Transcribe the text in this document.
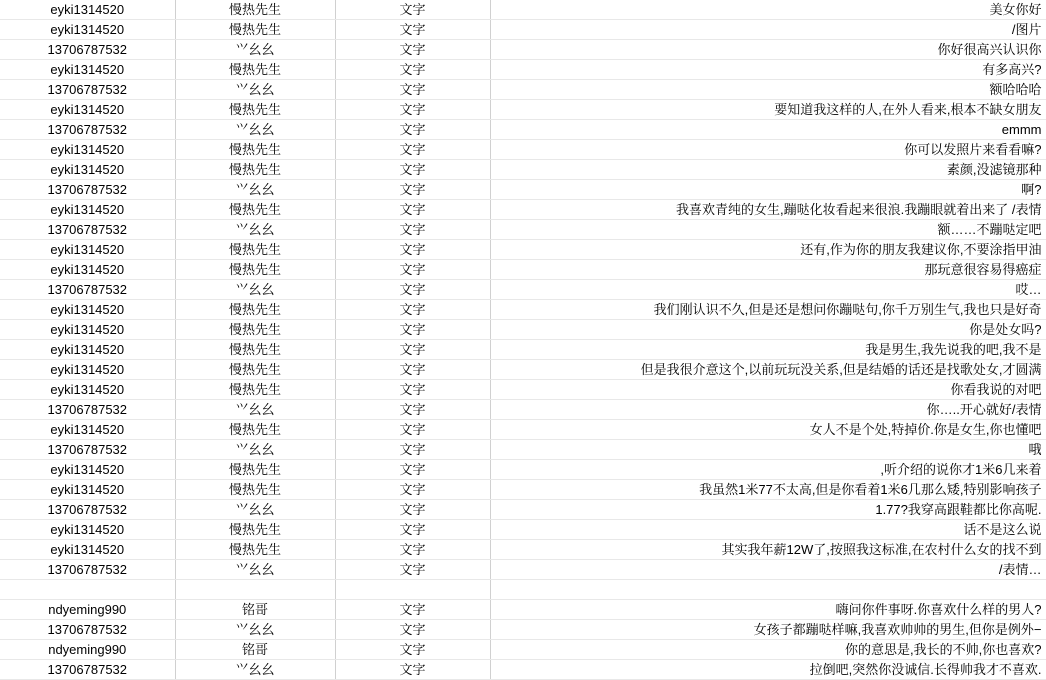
eyki1314520	慢热先生	文字	美女你好
eyki1314520	慢热先生	文字	/图片
13706787532	⺍幺幺	文字	你好很高兴认识你
eyki1314520	慢热先生	文字	有多高兴?
13706787532	⺍幺幺	文字	额哈哈哈
eyki1314520	慢热先生	文字	要知道我这样的人,在外人看来,根本不缺女朋友
13706787532	⺍幺幺	文字	emmm
eyki1314520	慢热先生	文字	你可以发照片来看看嘛?
eyki1314520	慢热先生	文字	素颜,没滤镜那种
13706787532	⺍幺幺	文字	啊?
eyki1314520	慢热先生	文字	我喜欢青纯的女生,蹦哒化妆看起来很浪.我蹦眼就着出来了 /表情
13706787532	⺍幺幺	文字	额……不蹦哒定吧
eyki1314520	慢热先生	文字	还有,作为你的朋友我建议你,不要涂指甲油
eyki1314520	慢热先生	文字	那玩意很容易得癌症
13706787532	⺍幺幺	文字	哎…
eyki1314520	慢热先生	文字	我们刚认识不久,但是还是想问你蹦哒句,你千万别生气,我也只是好奇
eyki1314520	慢热先生	文字	你是处女吗?
eyki1314520	慢热先生	文字	我是男生,我先说我的吧,我不是
eyki1314520	慢热先生	文字	但是我很介意这个,以前玩玩没关系,但是结婚的话还是找歌处女,才圆满
eyki1314520	慢热先生	文字	你看我说的对吧
13706787532	⺍幺幺	文字	你…..开心就好/表情
eyki1314520	慢热先生	文字	女人不是个处,特掉价.你是女生,你也懂吧
13706787532	⺍幺幺	文字	哦
eyki1314520	慢热先生	文字	,听介绍的说你才1米6几来着
eyki1314520	慢热先生	文字	我虽然1米77不太高,但是你看着1米6几那么矮,特别影响孩子
13706787532	⺍幺幺	文字	1.77?我穿高跟鞋都比你高呢.
eyki1314520	慢热先生	文字	话不是这么说
eyki1314520	慢热先生	文字	其实我年薪12W了,按照我这标准,在农村什么女的找不到
13706787532	⺍幺幺	文字	/表情…

ndyeming990	铭哥	文字	嗨问你件事呀.你喜欢什么样的男人?
13706787532	⺍幺幺	文字	女孩子都蹦哒样嘛,我喜欢帅帅的男生,但你是例外−
ndyeming990	铭哥	文字	你的意思是,我长的不帅,你也喜欢?
13706787532	⺍幺幺	文字	拉倒吧,突然你没诚信.长得帅我才不喜欢.
